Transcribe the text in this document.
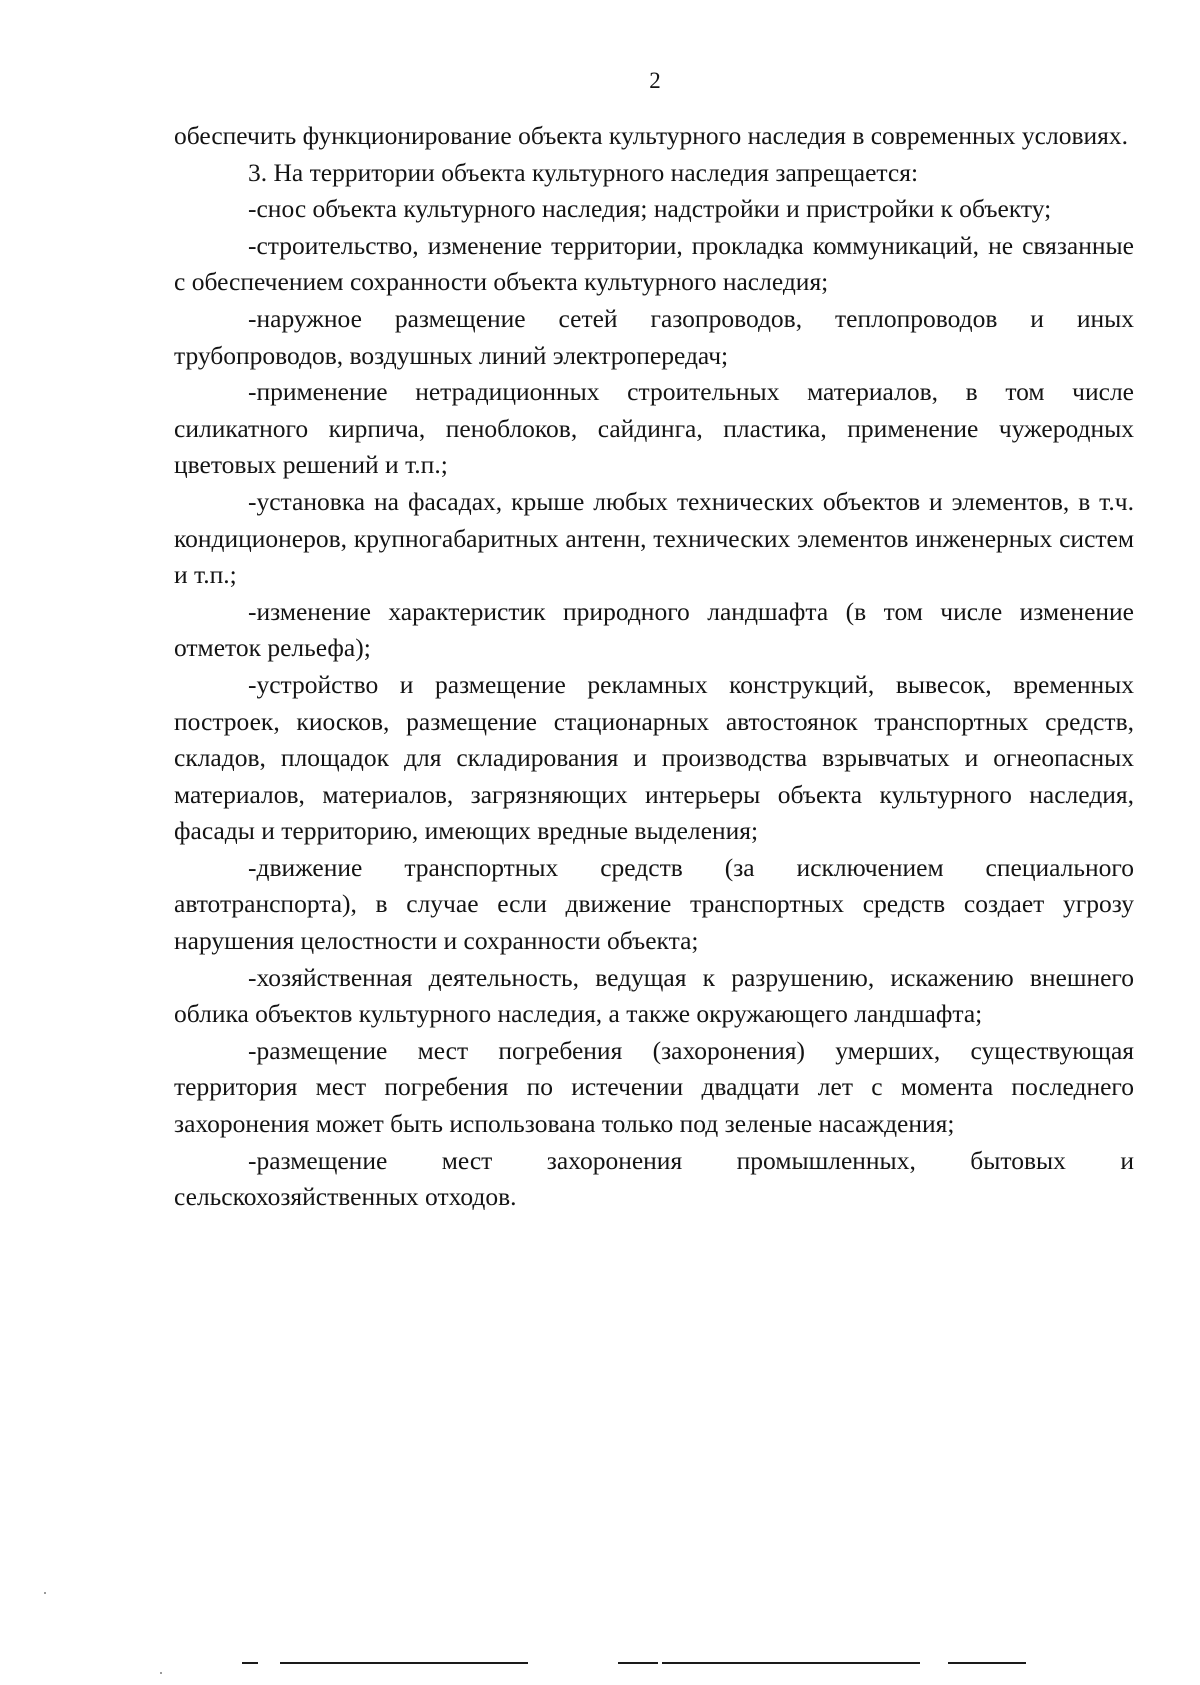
2

обеспечить функционирование объекта культурного наследия в современных условиях.

3. На территории объекта культурного наследия запрещается:

-снос объекта культурного наследия; надстройки и пристройки к объекту;

-строительство, изменение территории, прокладка коммуникаций, не связанные с обеспечением сохранности объекта культурного наследия;

-наружное размещение сетей газопроводов, теплопроводов и иных трубопроводов, воздушных линий электропередач;

-применение нетрадиционных строительных материалов, в том числе силикатного кирпича, пеноблоков, сайдинга, пластика, применение чужеродных цветовых решений и т.п.;

-установка на фасадах, крыше любых технических объектов и элементов, в т.ч. кондиционеров, крупногабаритных антенн, технических элементов инженерных систем и т.п.;

-изменение характеристик природного ландшафта (в том числе изменение отметок рельефа);

-устройство и размещение рекламных конструкций, вывесок, временных построек, киосков, размещение стационарных автостоянок транспортных средств, складов, площадок для складирования и производства взрывчатых и огнеопасных материалов, материалов, загрязняющих интерьеры объекта культурного наследия, фасады и территорию, имеющих вредные выделения;

-движение транспортных средств (за исключением специального автотранспорта), в случае если движение транспортных средств создает угрозу нарушения целостности и сохранности объекта;

-хозяйственная деятельность, ведущая к разрушению, искажению внешнего облика объектов культурного наследия, а также окружающего ландшафта;

-размещение мест погребения (захоронения) умерших, существующая территория мест погребения по истечении двадцати лет с момента последнего захоронения может быть использована только под зеленые насаждения;

-размещение мест захоронения промышленных, бытовых и сельскохозяйственных отходов.
